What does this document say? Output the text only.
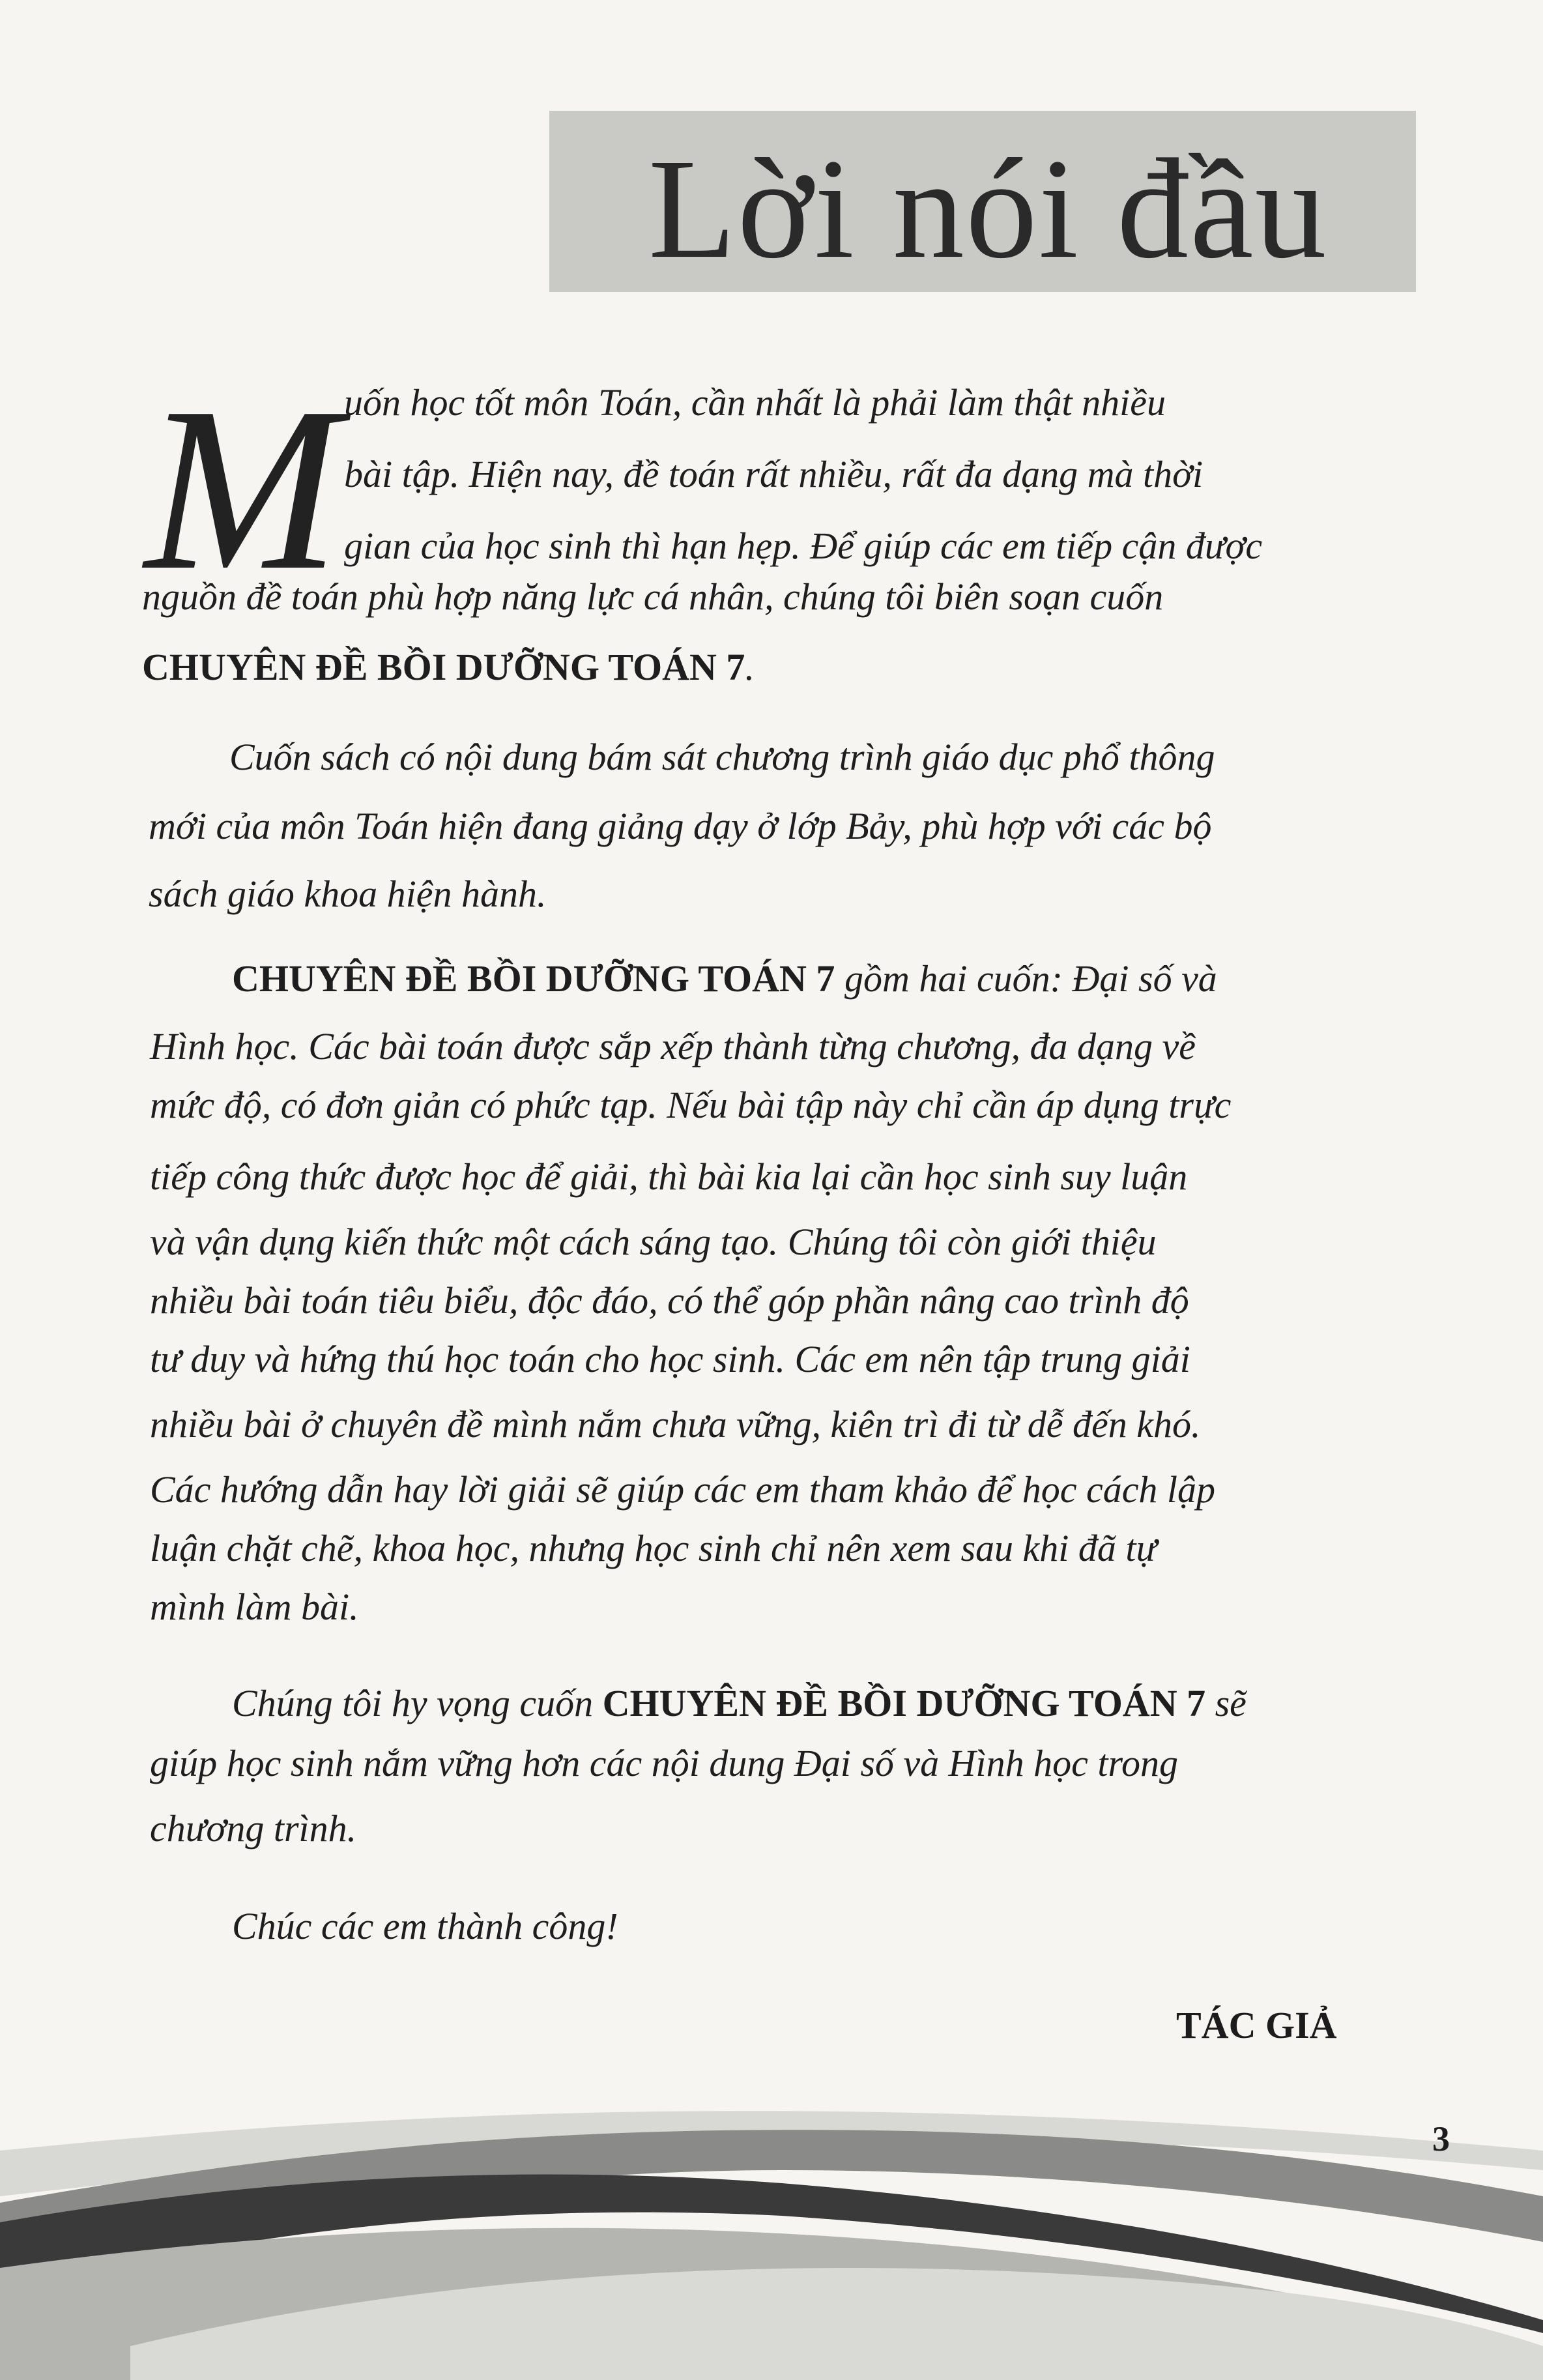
Lời nói đầu
M uốn học tốt môn Toán, cần nhất là phải làm thật nhiều
bài tập. Hiện nay, đề toán rất nhiều, rất đa dạng mà thời
gian của học sinh thì hạn hẹp. Để giúp các em tiếp cận được
nguồn đề toán phù hợp năng lực cá nhân, chúng tôi biên soạn cuốn
CHUYÊN ĐỀ BỒI DƯỠNG TOÁN 7.
Cuốn sách có nội dung bám sát chương trình giáo dục phổ thông
mới của môn Toán hiện đang giảng dạy ở lớp Bảy, phù hợp với các bộ
sách giáo khoa hiện hành.
CHUYÊN ĐỀ BỒI DƯỠNG TOÁN 7 gồm hai cuốn: Đại số và
Hình học. Các bài toán được sắp xếp thành từng chương, đa dạng về
mức độ, có đơn giản có phức tạp. Nếu bài tập này chỉ cần áp dụng trực
tiếp công thức được học để giải, thì bài kia lại cần học sinh suy luận
và vận dụng kiến thức một cách sáng tạo. Chúng tôi còn giới thiệu
nhiều bài toán tiêu biểu, độc đáo, có thể góp phần nâng cao trình độ
tư duy và hứng thú học toán cho học sinh. Các em nên tập trung giải
nhiều bài ở chuyên đề mình nắm chưa vững, kiên trì đi từ dễ đến khó.
Các hướng dẫn hay lời giải sẽ giúp các em tham khảo để học cách lập
luận chặt chẽ, khoa học, nhưng học sinh chỉ nên xem sau khi đã tự
mình làm bài.
Chúng tôi hy vọng cuốn CHUYÊN ĐỀ BỒI DƯỠNG TOÁN 7 sẽ
giúp học sinh nắm vững hơn các nội dung Đại số và Hình học trong
chương trình.
Chúc các em thành công!
TÁC GIẢ
3
